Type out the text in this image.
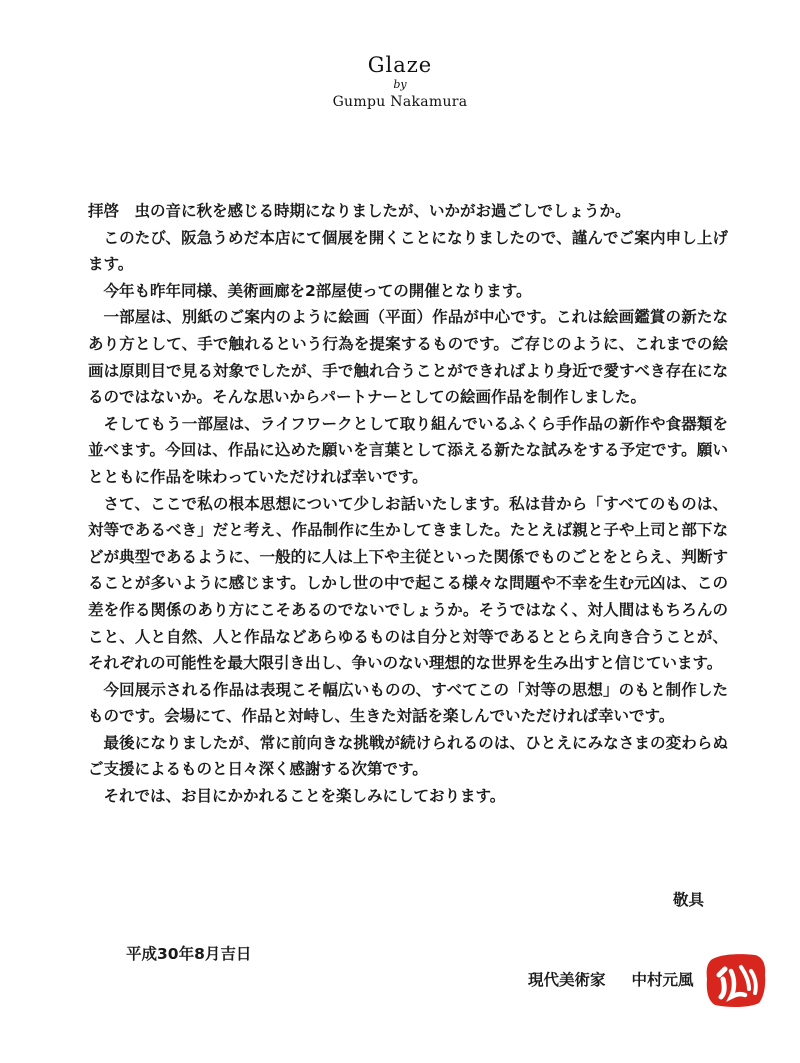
Glaze
by
Gumpu Nakamura

拝啓　虫の音に秋を感じる時期になりましたが、いかがお過ごしでしょうか。

このたび、阪急うめだ本店にて個展を開くことになりましたので、謹んでご案内申し上げます。

今年も昨年同様、美術画廊を2部屋使っての開催となります。

一部屋は、別紙のご案内のように絵画（平面）作品が中心です。これは絵画鑑賞の新たなあり方として、手で触れるという行為を提案するものです。ご存じのように、これまでの絵画は原則目で見る対象でしたが、手で触れ合うことができればより身近で愛すべき存在になるのではないか。そんな思いからパートナーとしての絵画作品を制作しました。

そしてもう一部屋は、ライフワークとして取り組んでいるふくら手作品の新作や食器類を並べます。今回は、作品に込めた願いを言葉として添える新たな試みをする予定です。願いとともに作品を味わっていただければ幸いです。

さて、ここで私の根本思想について少しお話いたします。私は昔から「すべてのものは、対等であるべき」だと考え、作品制作に生かしてきました。たとえば親と子や上司と部下などが典型であるように、一般的に人は上下や主従といった関係でものごとをとらえ、判断することが多いように感じます。しかし世の中で起こる様々な問題や不幸を生む元凶は、この差を作る関係のあり方にこそあるのでないでしょうか。そうではなく、対人間はもちろんのこと、人と自然、人と作品などあらゆるものは自分と対等であるととらえ向き合うことが、それぞれの可能性を最大限引き出し、争いのない理想的な世界を生み出すと信じています。

今回展示される作品は表現こそ幅広いものの、すべてこの「対等の思想」のもと制作したものです。会場にて、作品と対峙し、生きた対話を楽しんでいただければ幸いです。

最後になりましたが、常に前向きな挑戦が続けられるのは、ひとえにみなさまの変わらぬご支援によるものと日々深く感謝する次第です。

それでは、お目にかかれることを楽しみにしております。

敬具
平成30年8月吉日
現代美術家 中村元風
